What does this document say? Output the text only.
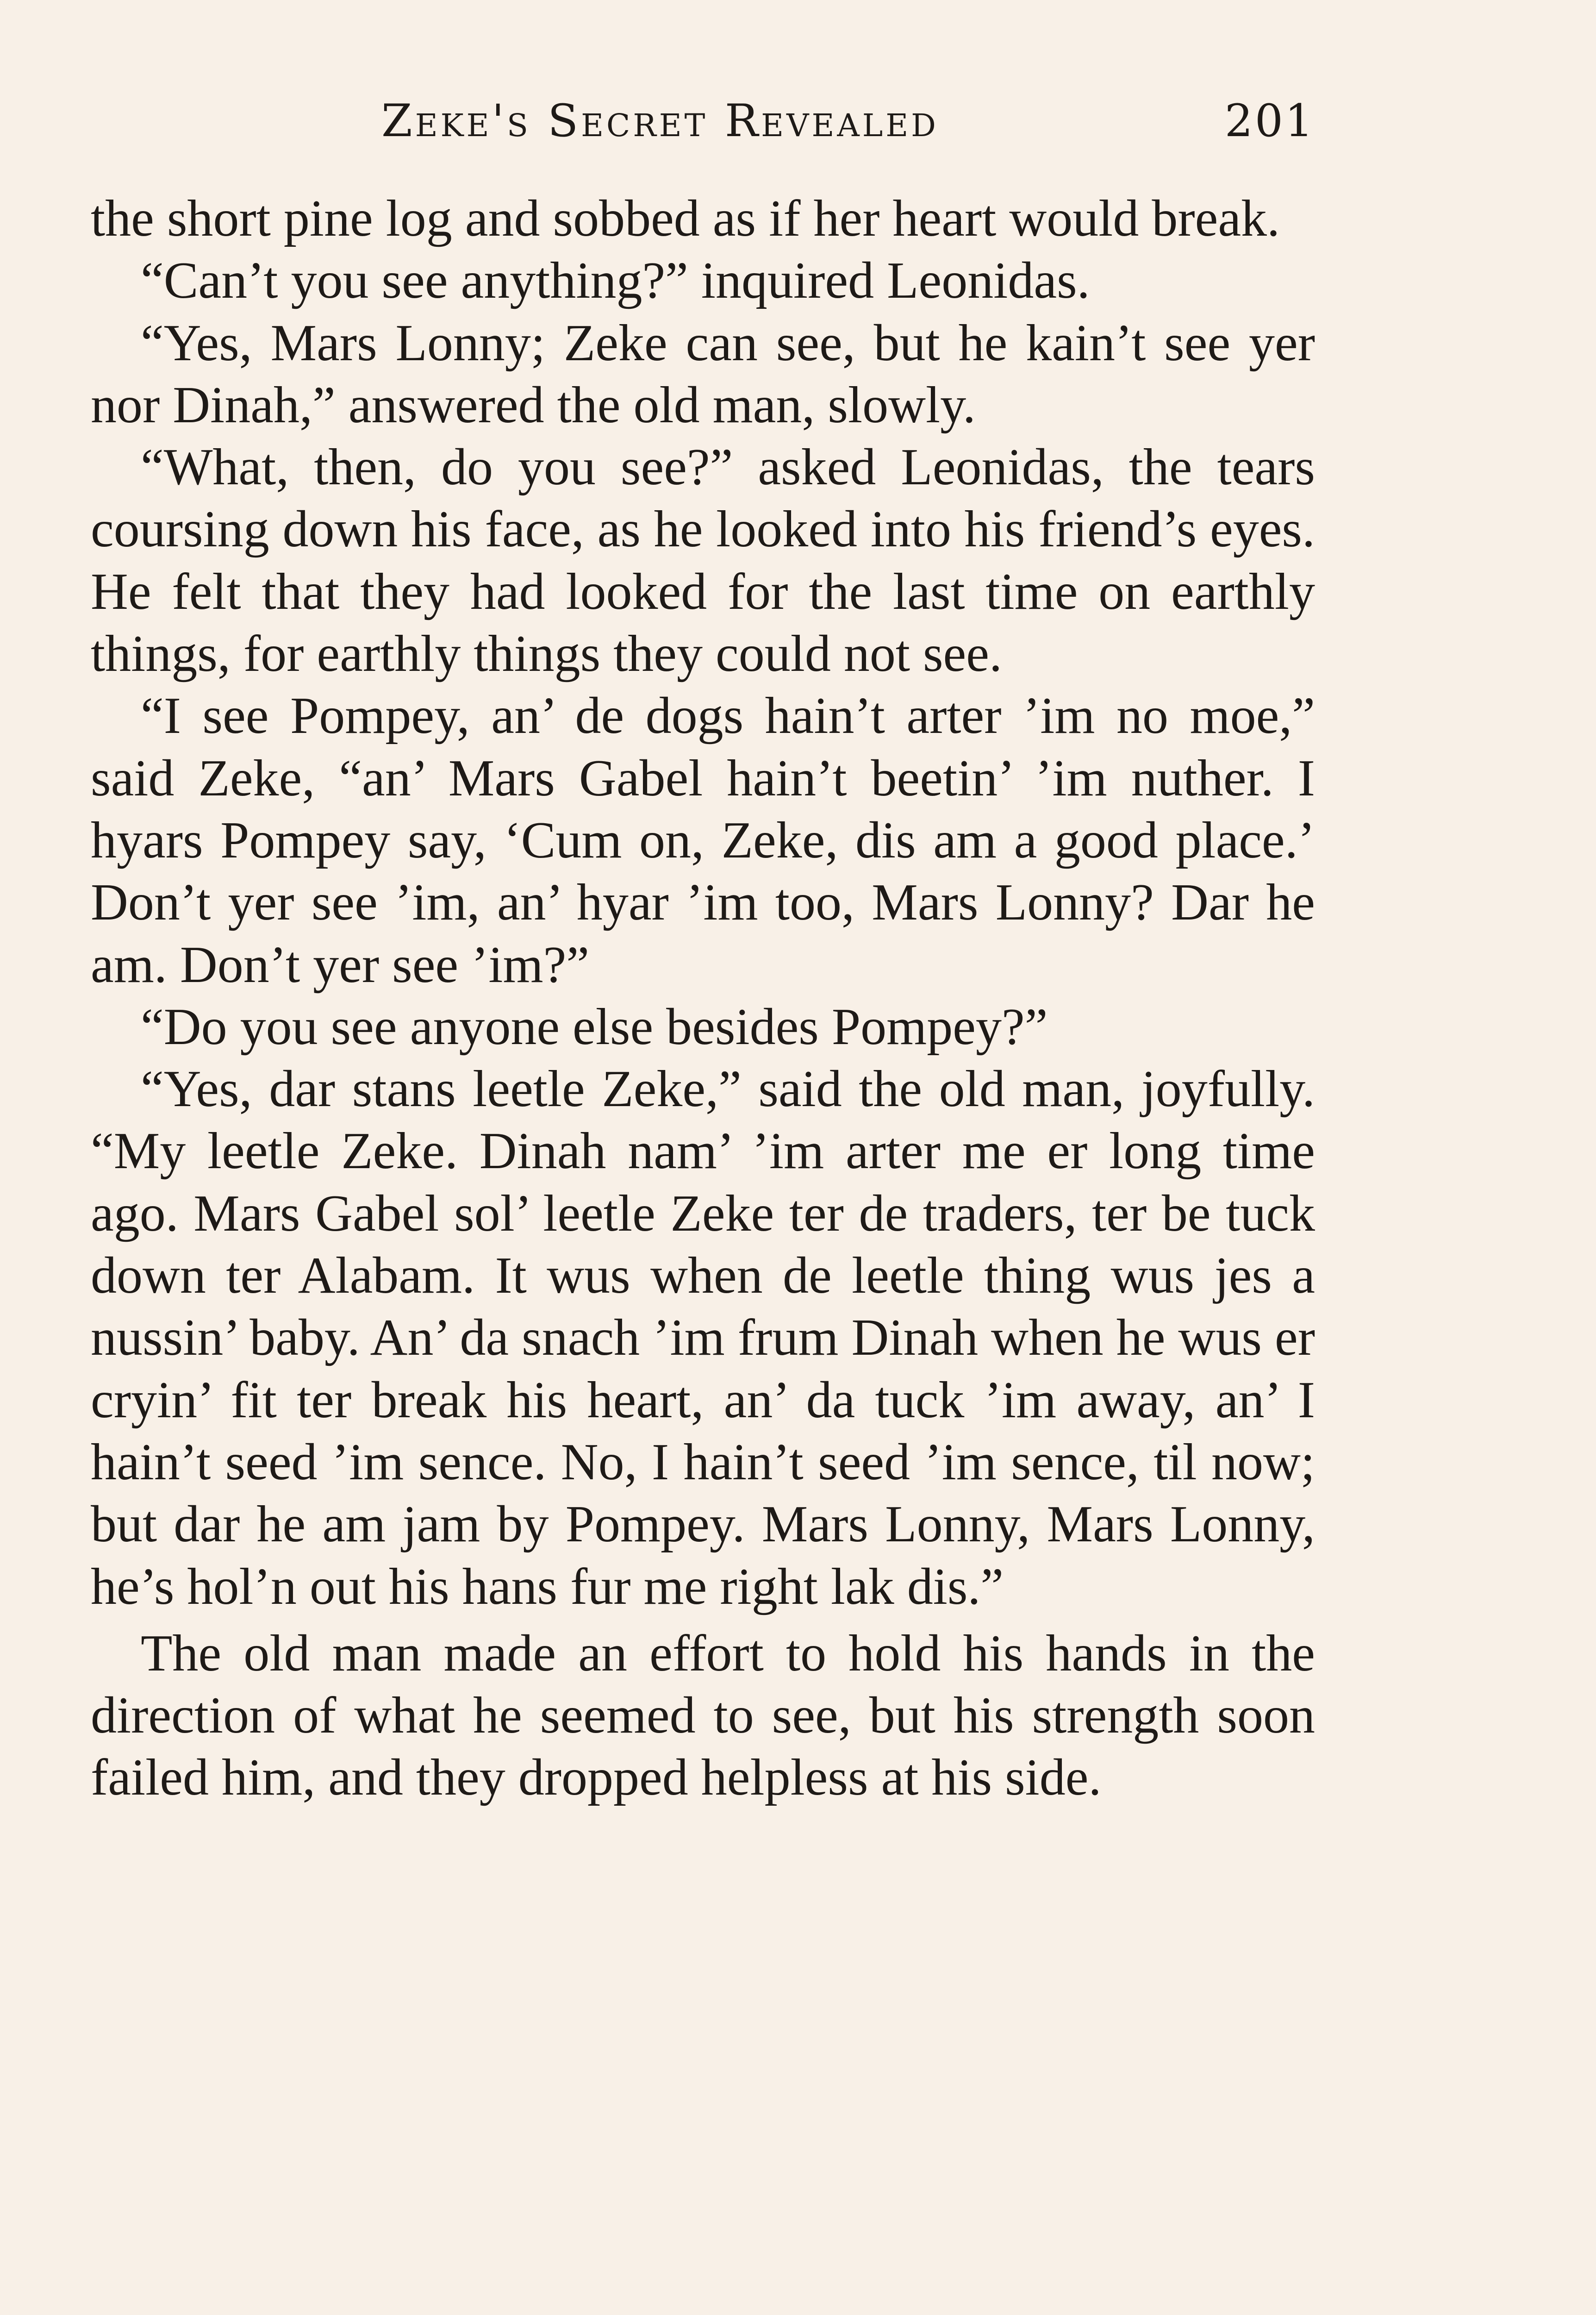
Zeke's Secret Revealed	201

the short pine log and sobbed as if her heart would break.

“Can’t you see anything?” inquired Leonidas.

“Yes, Mars Lonny; Zeke can see, but he kain’t see yer nor Dinah,” answered the old man, slowly.

“What, then, do you see?” asked Leonidas, the tears coursing down his face, as he looked into his friend’s eyes. He felt that they had looked for the last time on earthly things, for earthly things they could not see.

“I see Pompey, an’ de dogs hain’t arter ’im no moe,” said Zeke, “an’ Mars Gabel hain’t beetin’ ’im nuther. I hyars Pompey say, ‘Cum on, Zeke, dis am a good place.’ Don’t yer see ’im, an’ hyar ’im too, Mars Lonny? Dar he am. Don’t yer see ’im?”

“Do you see anyone else besides Pompey?”

“Yes, dar stans leetle Zeke,” said the old man, joyfully. “My leetle Zeke. Dinah nam’ ’im arter me er long time ago. Mars Gabel sol’ leetle Zeke ter de traders, ter be tuck down ter Alabam. It wus when de leetle thing wus jes a nussin’ baby. An’ da snach ’im frum Dinah when he wus er cryin’ fit ter break his heart, an’ da tuck ’im away, an’ I hain’t seed ’im sence. No, I hain’t seed ’im sence, til now; but dar he am jam by Pompey. Mars Lonny, Mars Lonny, he’s hol’n out his hans fur me right lak dis.”

The old man made an effort to hold his hands in the direction of what he seemed to see, but his strength soon failed him, and they dropped helpless at his side.
